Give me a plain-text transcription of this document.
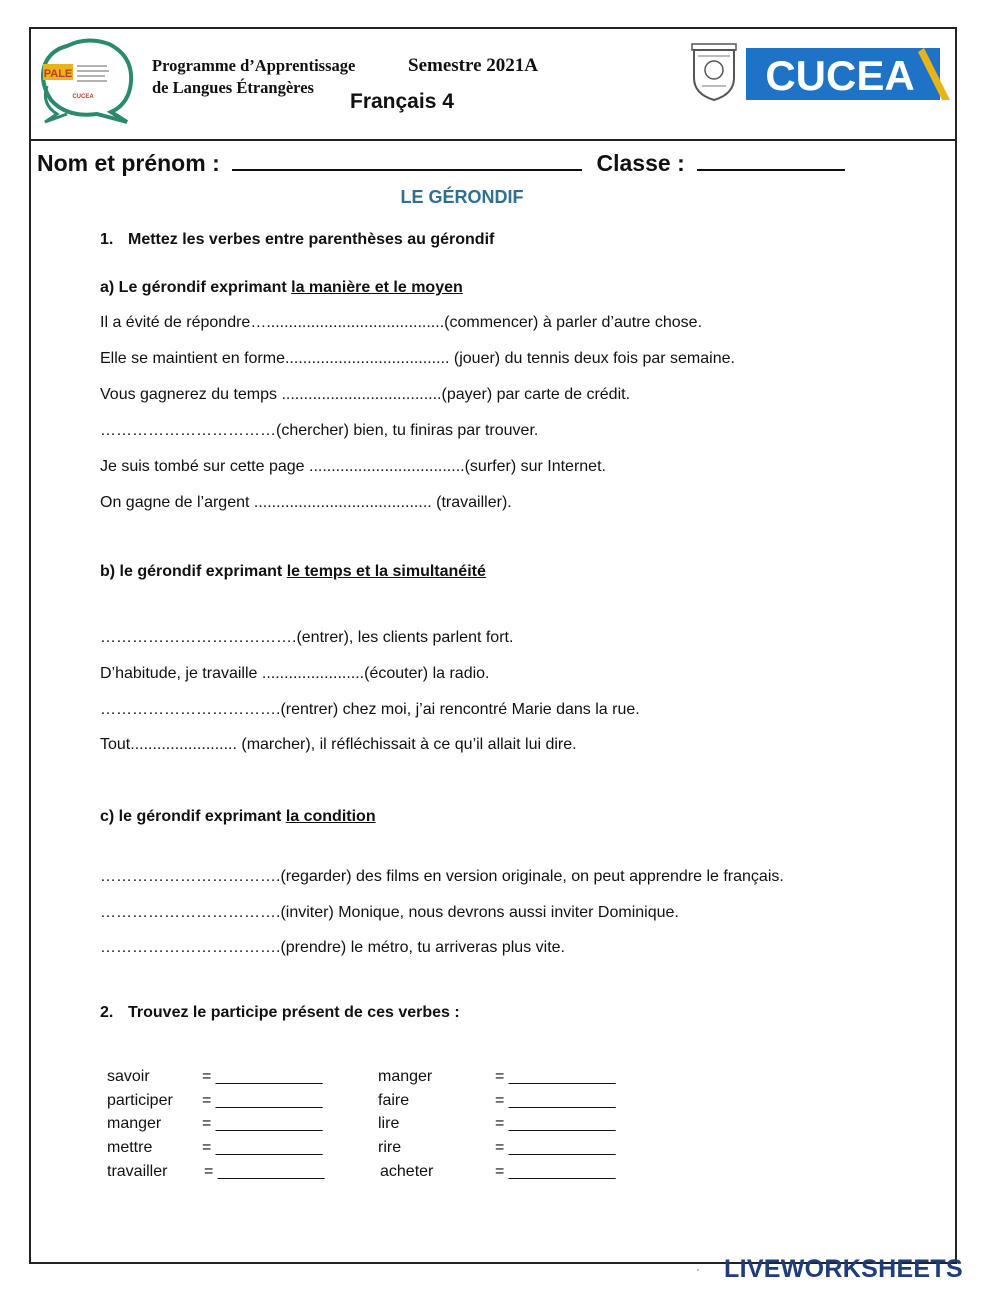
PALE
CUCEA
Programme d’Apprentissage
de Langues Étrangères
Semestre 2021A
Français 4
CUCEA
Nom et prénom :	Classe :
LE GÉRONDIF
1. Mettez les verbes entre parenthèses au gérondif
a) Le gérondif exprimant la manière et le moyen
Il a évité de répondre…........................................(commencer) à parler d’autre chose.
Elle se maintient en forme..................................... (jouer) du tennis deux fois par semaine.
Vous gagnerez du temps ....................................(payer) par carte de crédit.
……………………………(chercher) bien, tu finiras par trouver.
Je suis tombé sur cette page ...................................(surfer) sur Internet.
On gagne de l’argent ........................................ (travailler).
b) le gérondif exprimant le temps et la simultanéité
……………………………….(entrer), les clients parlent fort.
D’habitude, je travaille .......................(écouter) la radio.
…………………………….(rentrer) chez moi, j’ai rencontré Marie dans la rue.
Tout........................ (marcher), il réfléchissait à ce qu’il allait lui dire.
c) le gérondif exprimant la condition
…………………………….(regarder) des films en version originale, on peut apprendre le français.
…………………………….(inviter) Monique, nous devrons aussi inviter Dominique.
…………………………….(prendre) le métro, tu arriveras plus vite.
2. Trouvez le participe présent de ces verbes :
savoir	= ____________	manger	= ____________
participer = ____________	faire	= ____________
manger	= ____________	lire	= ____________
mettre	= ____________	rire	= ____________
travailler = ____________	acheter	= ____________
LIVEWORKSHEETS
